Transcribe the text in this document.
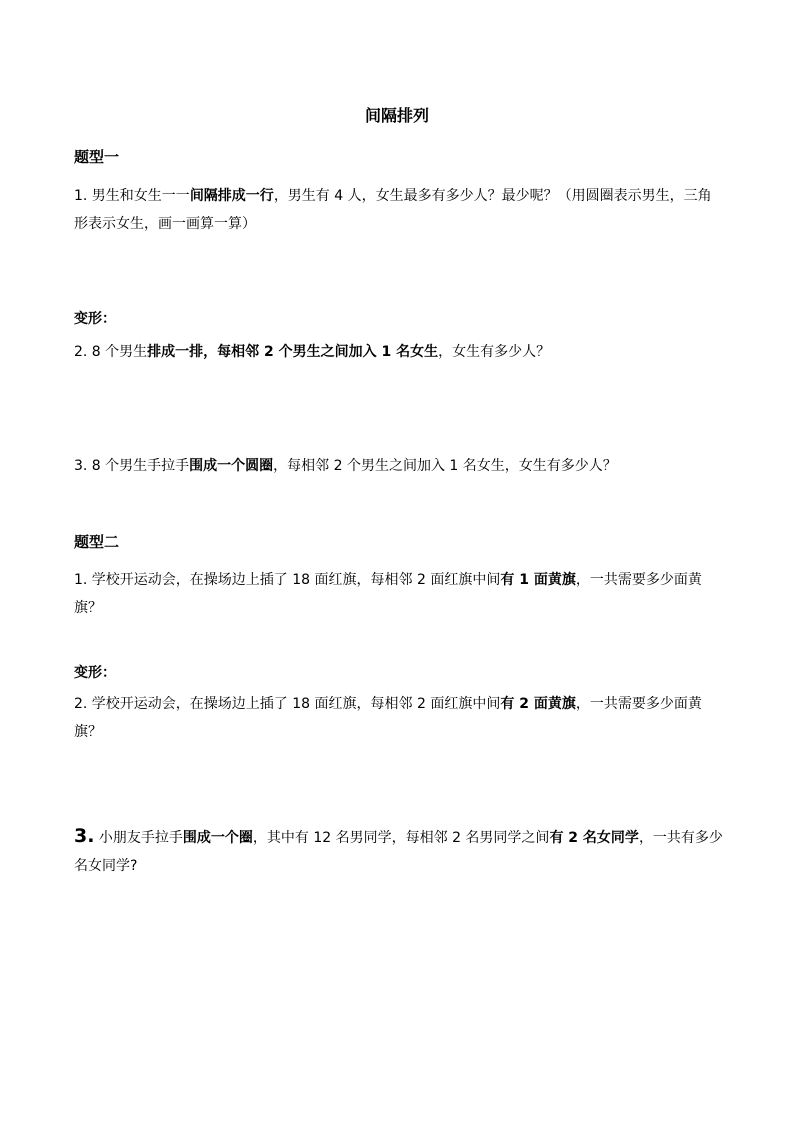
间隔排列
题型一
1. 男生和女生一一间隔排成一行，男生有 4 人，女生最多有多少人？最少呢？（用圆圈表示男生，三角形表示女生，画一画算一算）
变形：
2. 8 个男生排成一排，每相邻 2 个男生之间加入 1 名女生，女生有多少人？
3. 8 个男生手拉手围成一个圆圈，每相邻 2 个男生之间加入 1 名女生，女生有多少人？
题型二
1. 学校开运动会，在操场边上插了 18 面红旗，每相邻 2 面红旗中间有 1 面黄旗，一共需要多少面黄旗？
变形：
2. 学校开运动会，在操场边上插了 18 面红旗，每相邻 2 面红旗中间有 2 面黄旗，一共需要多少面黄旗？
3. 小朋友手拉手围成一个圈，其中有 12 名男同学，每相邻 2 名男同学之间有 2 名女同学，一共有多少名女同学?
